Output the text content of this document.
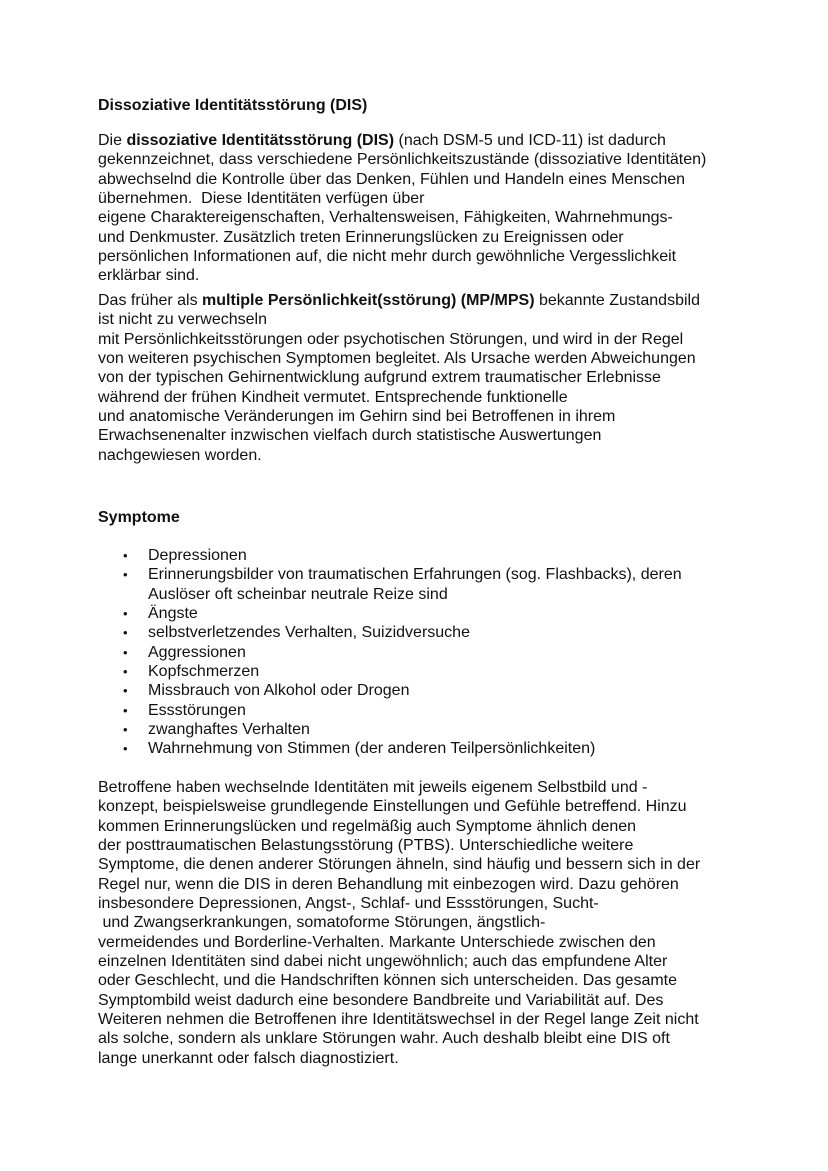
Dissoziative Identitätsstörung (DIS)
Die dissoziative Identitätsstörung (DIS) (nach DSM-5 und ICD-11) ist dadurch
gekennzeichnet, dass verschiedene Persönlichkeitszustände (dissoziative Identitäten)
abwechselnd die Kontrolle über das Denken, Fühlen und Handeln eines Menschen
übernehmen.  Diese Identitäten verfügen über
eigene Charaktereigenschaften, Verhaltensweisen, Fähigkeiten, Wahrnehmungs-
und Denkmuster. Zusätzlich treten Erinnerungslücken zu Ereignissen oder
persönlichen Informationen auf, die nicht mehr durch gewöhnliche Vergesslichkeit
erklärbar sind.
Das früher als multiple Persönlichkeit(sstörung) (MP/MPS) bekannte Zustandsbild
ist nicht zu verwechseln
mit Persönlichkeitsstörungen oder psychotischen Störungen, und wird in der Regel
von weiteren psychischen Symptomen begleitet. Als Ursache werden Abweichungen
von der typischen Gehirnentwicklung aufgrund extrem traumatischer Erlebnisse
während der frühen Kindheit vermutet. Entsprechende funktionelle
und anatomische Veränderungen im Gehirn sind bei Betroffenen in ihrem
Erwachsenenalter inzwischen vielfach durch statistische Auswertungen
nachgewiesen worden.
Symptome
• Depressionen
• Erinnerungsbilder von traumatischen Erfahrungen (sog. Flashbacks), deren
Auslöser oft scheinbar neutrale Reize sind
• Ängste
• selbstverletzendes Verhalten, Suizidversuche
• Aggressionen
• Kopfschmerzen
• Missbrauch von Alkohol oder Drogen
• Essstörungen
• zwanghaftes Verhalten
• Wahrnehmung von Stimmen (der anderen Teilpersönlichkeiten)
Betroffene haben wechselnde Identitäten mit jeweils eigenem Selbstbild und -
konzept, beispielsweise grundlegende Einstellungen und Gefühle betreffend. Hinzu
kommen Erinnerungslücken und regelmäßig auch Symptome ähnlich denen
der posttraumatischen Belastungsstörung (PTBS). Unterschiedliche weitere
Symptome, die denen anderer Störungen ähneln, sind häufig und bessern sich in der
Regel nur, wenn die DIS in deren Behandlung mit einbezogen wird. Dazu gehören
insbesondere Depressionen, Angst-, Schlaf- und Essstörungen, Sucht-
und Zwangserkrankungen, somatoforme Störungen, ängstlich-
vermeidendes und Borderline-Verhalten. Markante Unterschiede zwischen den
einzelnen Identitäten sind dabei nicht ungewöhnlich; auch das empfundene Alter
oder Geschlecht, und die Handschriften können sich unterscheiden. Das gesamte
Symptombild weist dadurch eine besondere Bandbreite und Variabilität auf. Des
Weiteren nehmen die Betroffenen ihre Identitätswechsel in der Regel lange Zeit nicht
als solche, sondern als unklare Störungen wahr. Auch deshalb bleibt eine DIS oft
lange unerkannt oder falsch diagnostiziert.
